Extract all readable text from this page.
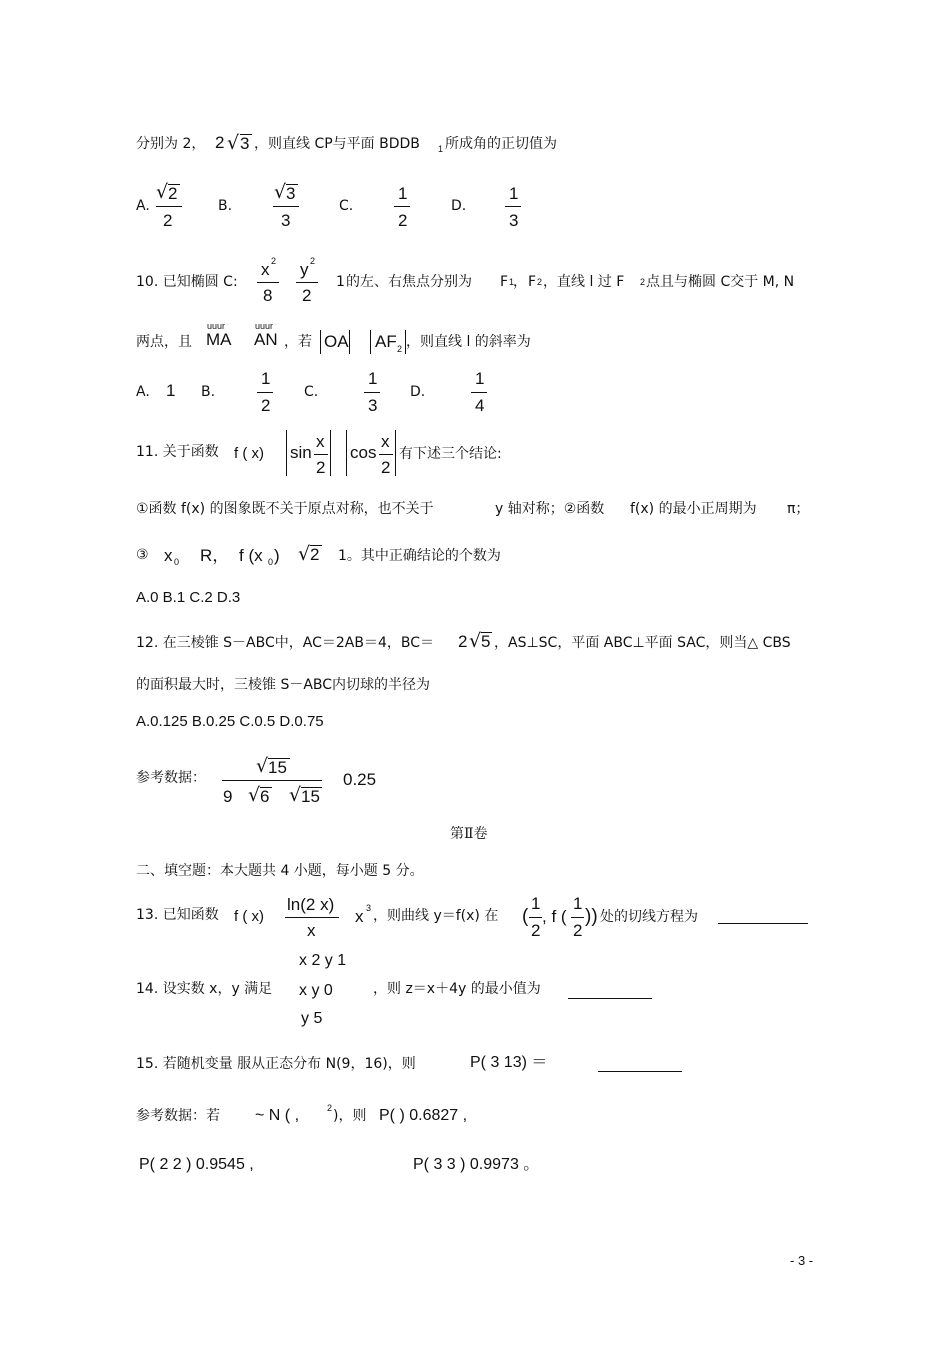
分别为 2， 2 √ 3 ，则直线 CP与平面 BDDB 1 所成角的正切值为
A.
√ 2
2
B.
√ 3
3
C.
1
2
D.
1
3
10. 已知椭圆 C:
x 2
8
y 2
2
1 的左、右焦点分别为 F 1
， F 2 ，直线 l 过 F 2 点且与椭圆 C交于 M, N
两点，且
uuur
MA
uuur
AN ，若 OA AF 2 ，则直线 l 的斜率为
A. 1 B.
1
2
C.
1
3
D.
1
4
11. 关于函数 f ( x) sin
x
2
cos
x
2
有下述三个结论:
①函数 f(x) 的图象既不关于原点对称，也不关于	y 轴对称；②函数 f(x) 的最小正周期为 π；
③ x 0 R， f (x 0 ) √ 2 1。其中正确结论的个数为
A.0 B.1 C.2 D.3
12. 在三棱锥 S－ABC中，AC＝2AB＝4，BC＝ 2 √ 5 ，AS⊥SC，平面 ABC⊥平面 SAC，则当△ CBS
的面积最大时，三棱锥 S－ABC内切球的半径为
A.0.125 B.0.25 C.0.5 D.0.75
参考数据：
√ 15
9 √ 6 √ 15
0.25
第Ⅱ卷
二、填空题：本大题共 4 小题，每小题 5 分。
13. 已知函数 f ( x)
ln(2 x)
x
x 3 ，则曲线 y＝f(x) 在 (
1
2
, f (
1
2
)) 处的切线方程为
x 2 y 1
14. 设实数 x，y 满足 x y 0	，则 z＝x＋4y 的最小值为
y 5
15. 若随机变量 服从正态分布 N(9，16)，则	P( 3 13) ＝
参考数据：若 ~ N ( ,	2 )，则 P( ) 0.6827 ,
P( 2 2 ) 0.9545 ,	P( 3 3 ) 0.9973 。
- 3 -
